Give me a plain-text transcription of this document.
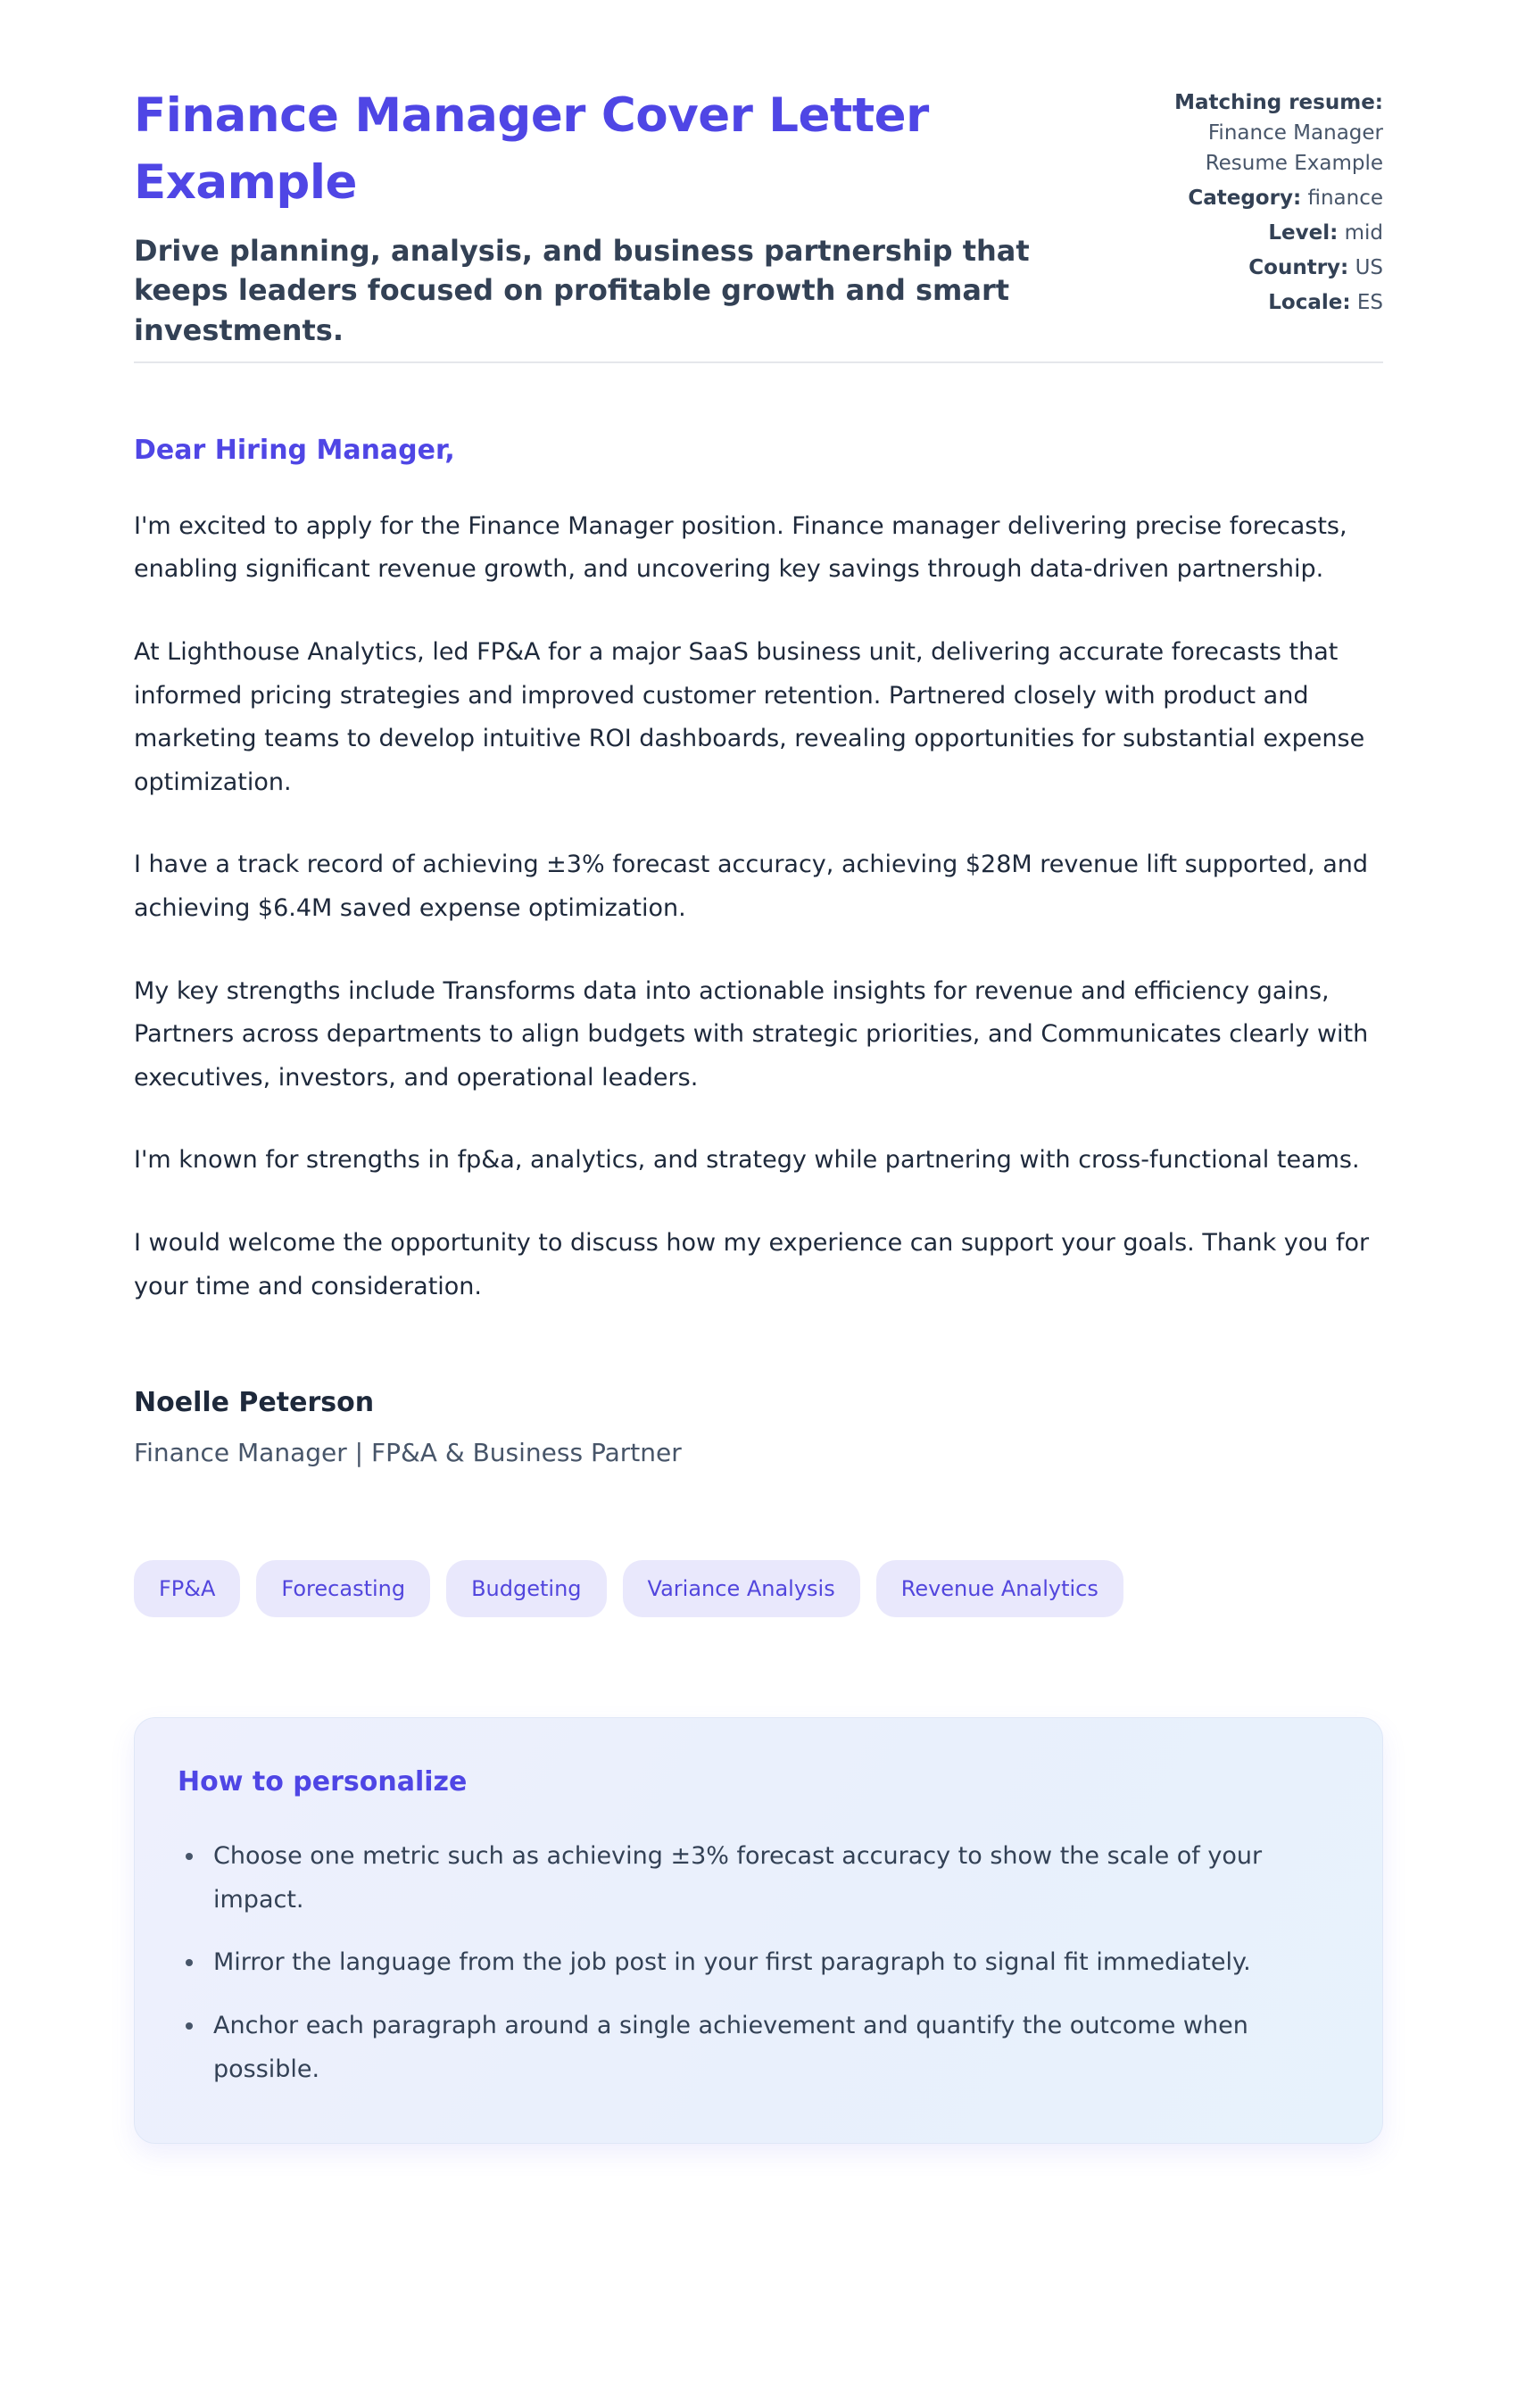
Finance Manager Cover Letter Example
Drive planning, analysis, and business partnership that keeps leaders focused on profitable growth and smart investments.
Matching resume:
Finance Manager Resume Example
Category: finance
Level: mid
Country: US
Locale: ES
Dear Hiring Manager,

I'm excited to apply for the Finance Manager position. Finance manager delivering precise forecasts, enabling significant revenue growth, and uncovering key savings through data-driven partnership.

At Lighthouse Analytics, led FP&A for a major SaaS business unit, delivering accurate forecasts that informed pricing strategies and improved customer retention. Partnered closely with product and marketing teams to develop intuitive ROI dashboards, revealing opportunities for substantial expense optimization.

I have a track record of achieving ±3% forecast accuracy, achieving $28M revenue lift supported, and achieving $6.4M saved expense optimization.

My key strengths include Transforms data into actionable insights for revenue and efficiency gains, Partners across departments to align budgets with strategic priorities, and Communicates clearly with executives, investors, and operational leaders.

I'm known for strengths in fp&a, analytics, and strategy while partnering with cross-functional teams.

I would welcome the opportunity to discuss how my experience can support your goals. Thank you for your time and consideration.

Noelle Peterson
Finance Manager | FP&A & Business Partner
FP&A	Forecasting	Budgeting	Variance Analysis	Revenue Analytics
How to personalize
• Choose one metric such as achieving ±3% forecast accuracy to show the scale of your impact.
• Mirror the language from the job post in your first paragraph to signal fit immediately.
• Anchor each paragraph around a single achievement and quantify the outcome when possible.
